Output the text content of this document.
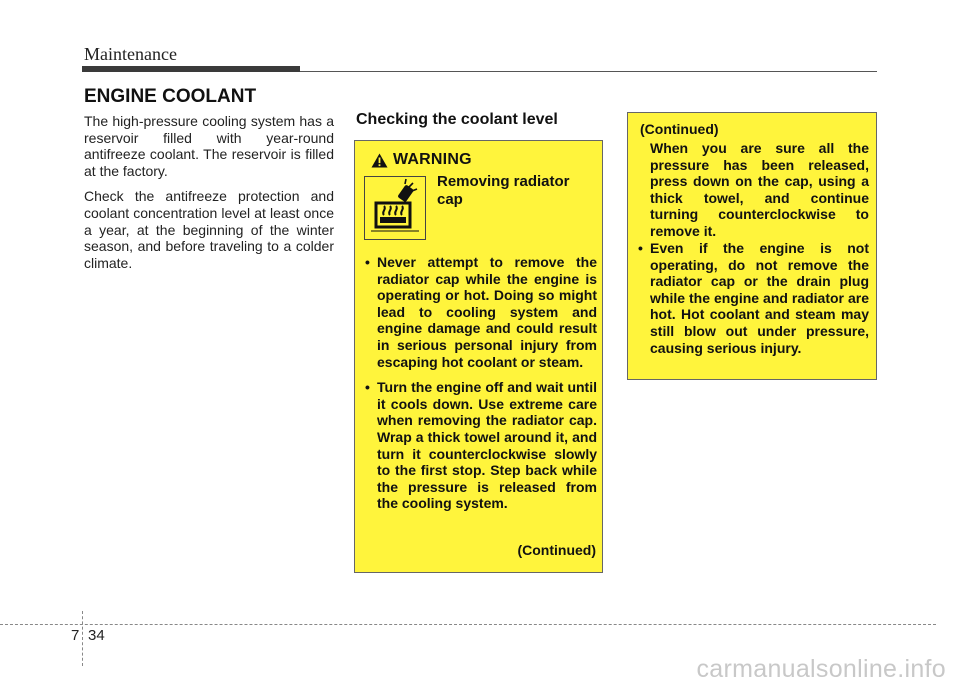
Maintenance
ENGINE COOLANT

The high-pressure cooling system has a reservoir filled with year-round antifreeze coolant. The reservoir is filled at the factory.

Check the antifreeze protection and coolant concentration level at least once a year, at the beginning of the winter season, and before traveling to a colder climate.

Checking the coolant level
WARNING
Removing radiator cap
• Never attempt to remove the radiator cap while the engine is operating or hot. Doing so might lead to cooling system and engine damage and could result in serious personal injury from escaping hot coolant or steam.
• Turn the engine off and wait until it cools down. Use extreme care when removing the radiator cap. Wrap a thick towel around it, and turn it counterclockwise slowly to the first stop. Step back while the pressure is released from the cooling system.
(Continued)
(Continued)
When you are sure all the pressure has been released, press down on the cap, using a thick towel, and continue turning counterclockwise to remove it.
• Even if the engine is not operating, do not remove the radiator cap or the drain plug while the engine and radiator are hot. Hot coolant and steam may still blow out under pressure, causing serious injury.
7 34
carmanualsonline.info
